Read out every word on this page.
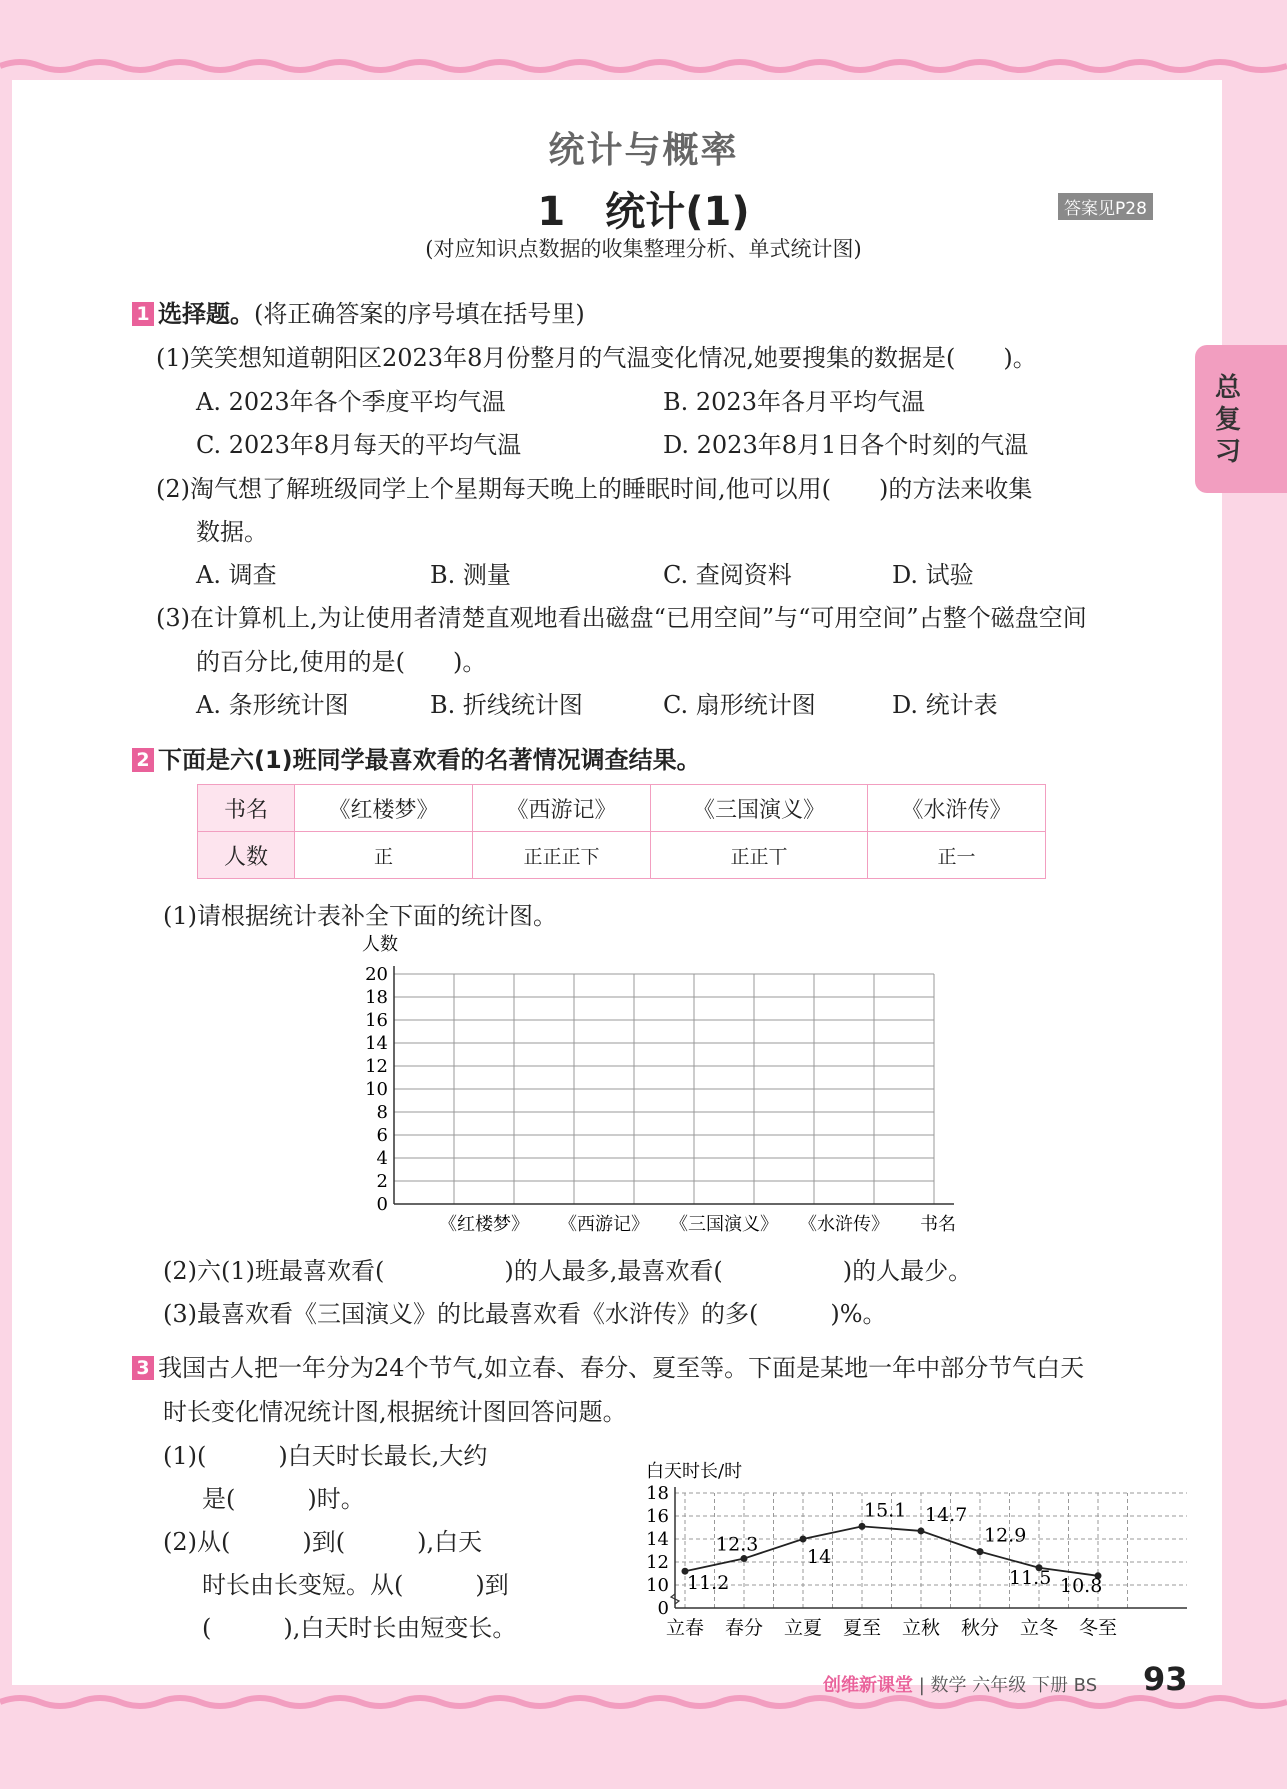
总复习
统计与概率
1　统计(1)	答案见P28
(对应知识点数据的收集整理分析、单式统计图)
1 选择题。(将正确答案的序号填在括号里)
(1)笑笑想知道朝阳区2023年8月份整月的气温变化情况,她要搜集的数据是(　　)。
A. 2023年各个季度平均气温	B. 2023年各月平均气温
C. 2023年8月每天的平均气温	D. 2023年8月1日各个时刻的气温
(2)淘气想了解班级同学上个星期每天晚上的睡眠时间,他可以用(　　)的方法来收集
数据。
A. 调查	B. 测量	C. 查阅资料	D. 试验
(3)在计算机上,为让使用者清楚直观地看出磁盘“已用空间”与“可用空间”占整个磁盘空间
的百分比,使用的是(　　)。
A. 条形统计图	B. 折线统计图	C. 扇形统计图	D. 统计表
2 下面是六(1)班同学最喜欢看的名著情况调查结果。
书名	《红楼梦》	《西游记》	《三国演义》	《水浒传》
人数	正	正正正下	正正丅	正一
(1)请根据统计表补全下面的统计图。
0
2
4
6
8
10
12
14
16
18
20
人数
《红楼梦》 《西游记》 《三国演义》 《水浒传》 书名
(2)六(1)班最喜欢看(　　　　　)的人最多,最喜欢看(　　　　　)的人最少。
(3)最喜欢看《三国演义》的比最喜欢看《水浒传》的多(　　　)%。
3 我国古人把一年分为24个节气,如立春、春分、夏至等。下面是某地一年中部分节气白天
时长变化情况统计图,根据统计图回答问题。
(1)(　　　)白天时长最长,大约
是(　　　)时。
(2)从(　　　)到(　　　),白天
时长由长变短。从(　　　)到
(　　　),白天时长由短变长。
0
10
12
14
16
18
白天时长/时
11.2
12.3
14
15.1 14.7
12.9
11.5 10.8
立春 春分 立夏 夏至 立秋 秋分 立冬 冬至
创维新课堂 | 数学 六年级 下册 BS 93
